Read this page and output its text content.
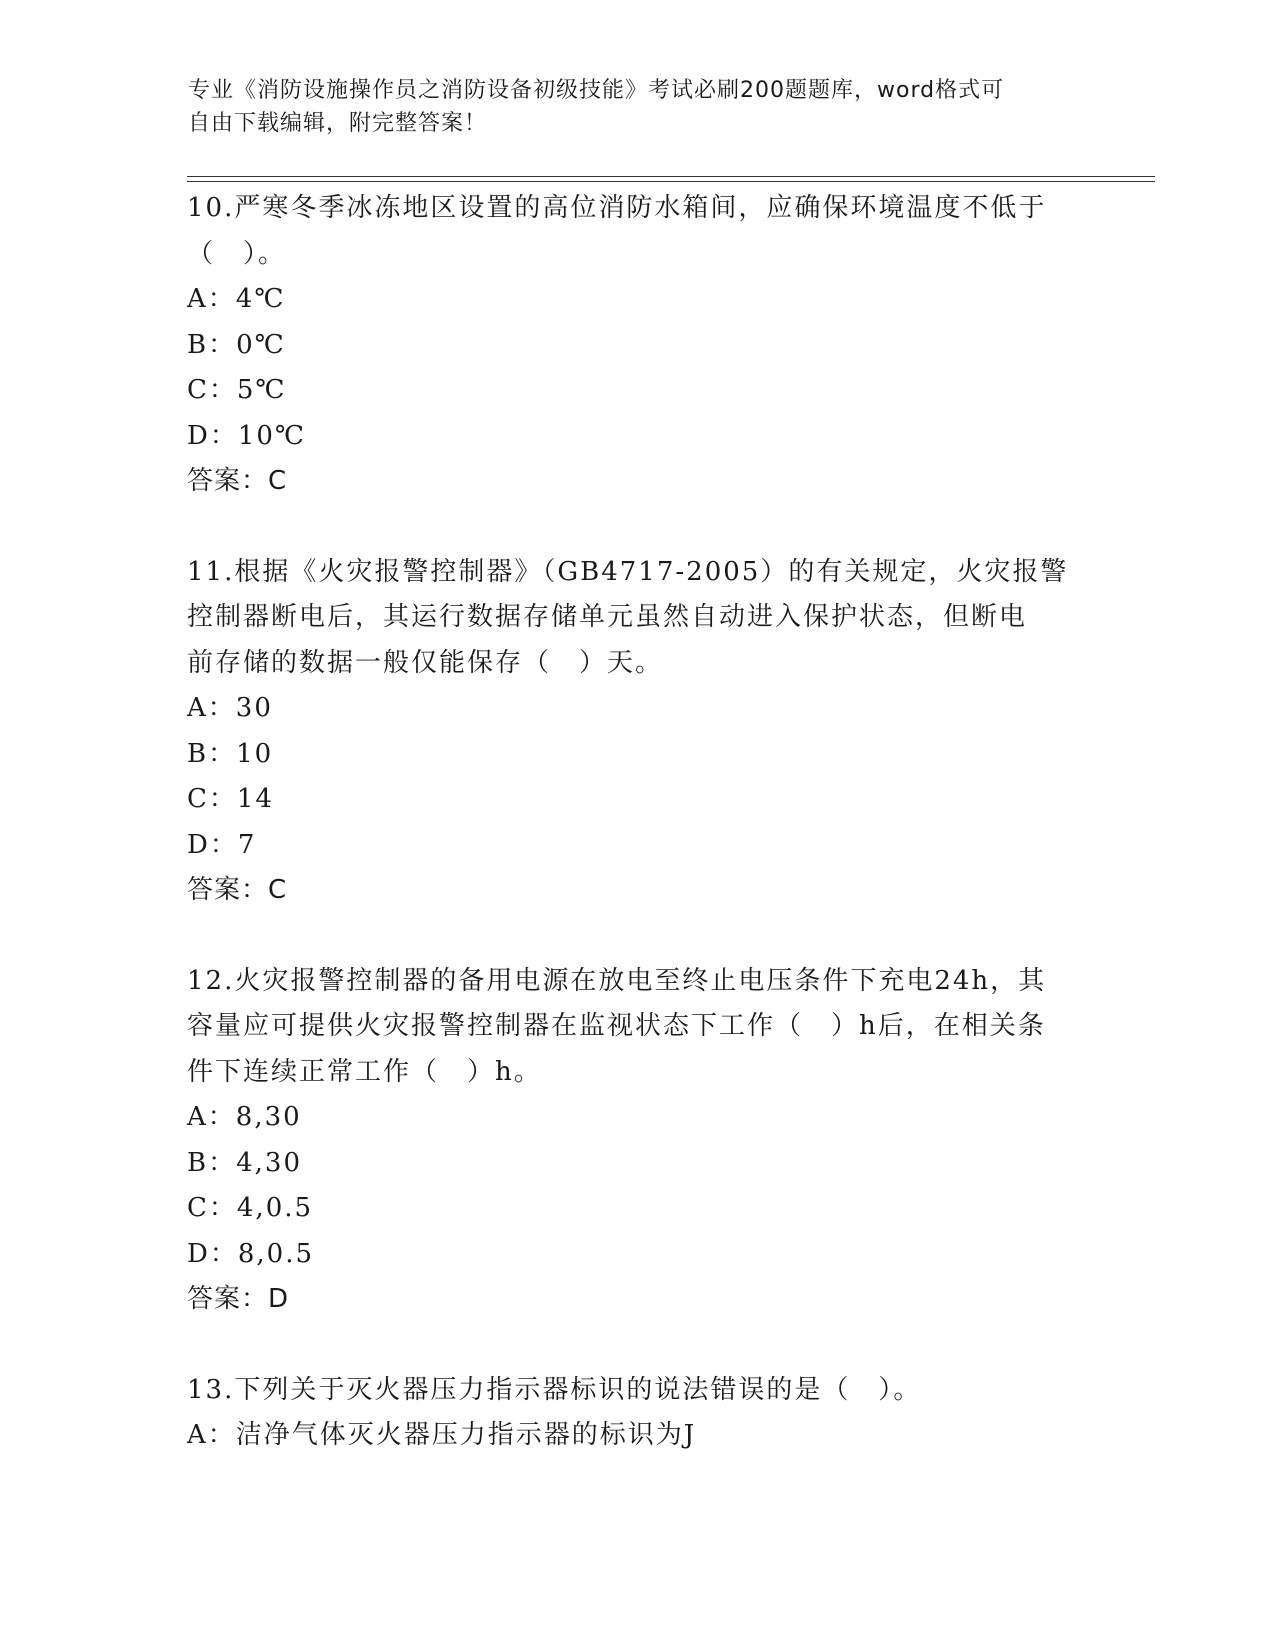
专业《消防设施操作员之消防设备初级技能》考试必刷200题题库，word格式可
自由下载编辑，附完整答案！
10.严寒冬季冰冻地区设置的高位消防水箱间，应确保环境温度不低于
（　）。
A：4℃
B：0℃
C：5℃
D：10℃
答案：C
11.根据《火灾报警控制器》（GB4717-2005）的有关规定，火灾报警
控制器断电后，其运行数据存储单元虽然自动进入保护状态，但断电
前存储的数据一般仅能保存（　）天。
A：30
B：10
C：14
D：7
答案：C
12.火灾报警控制器的备用电源在放电至终止电压条件下充电24h，其
容量应可提供火灾报警控制器在监视状态下工作（　）h后，在相关条
件下连续正常工作（　）h。
A：8,30
B：4,30
C：4,0.5
D：8,0.5
答案：D
13.下列关于灭火器压力指示器标识的说法错误的是（　）。
A：洁净气体灭火器压力指示器的标识为J
